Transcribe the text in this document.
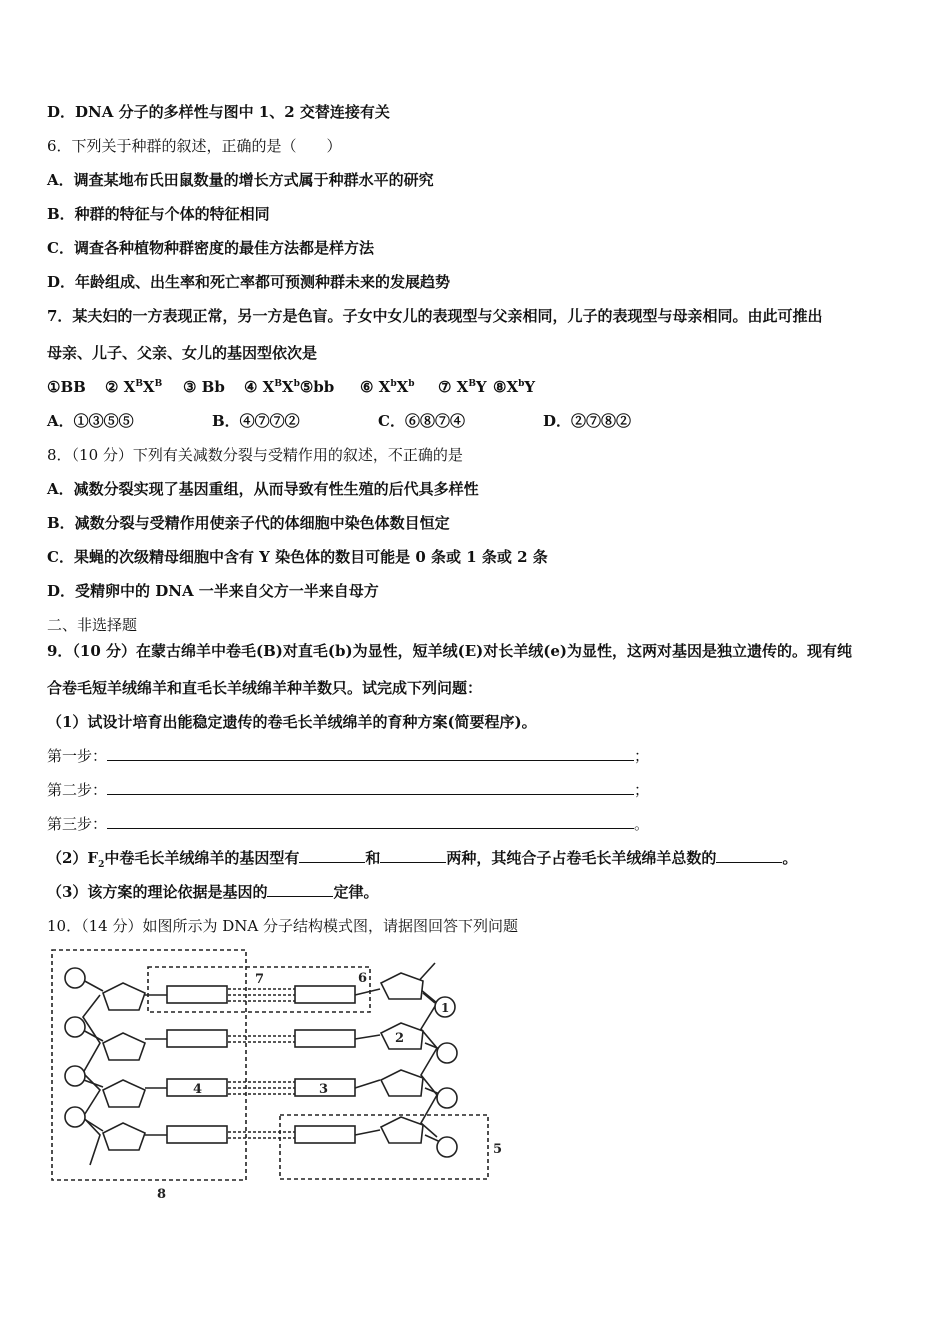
D．DNA 分子的多样性与图中 1、2 交替连接有关
6．下列关于种群的叙述，正确的是（　　）
A．调查某地布氏田鼠数量的增长方式属于种群水平的研究
B．种群的特征与个体的特征相同
C．调查各种植物种群密度的最佳方法都是样方法
D．年龄组成、出生率和死亡率都可预测种群未来的发展趋势
7．某夫妇的一方表现正常，另一方是色盲。子女中女儿的表现型与父亲相同，儿子的表现型与母亲相同。由此可推出
母亲、儿子、父亲、女儿的基因型依次是
①BB ② $X^BX^B$ ③ Bb ④ $X^BX^b⑤bb$ ⑥ $X^bX^b$ ⑦ $X^BY$ $⑧X^bY$
A．①③⑤⑤	B．④⑦⑦②	C．⑥⑧⑦④	D．②⑦⑧②
8．（10 分）下列有关减数分裂与受精作用的叙述，不正确的是
A．减数分裂实现了基因重组，从而导致有性生殖的后代具多样性
B．减数分裂与受精作用使亲子代的体细胞中染色体数目恒定
C．果蝇的次级精母细胞中含有 Y 染色体的数目可能是 0 条或 1 条或 2 条
D．受精卵中的 DNA 一半来自父方一半来自母方
二、非选择题
9．（10 分）在蒙古绵羊中卷毛(B)对直毛(b)为显性，短羊绒(E)对长羊绒(e)为显性，这两对基因是独立遗传的。现有纯
合卷毛短羊绒绵羊和直毛长羊绒绵羊种羊数只。试完成下列问题：
（1）试设计培育出能稳定遗传的卷毛长羊绒绵羊的育种方案(简要程序)。
第一步：	；
第二步：	；
第三步：	。
$(2)F_2$中卷毛长羊绒绵羊的基因型有	和	两种，其纯合子占卷毛长羊绒绵羊总数的	。
（3）该方案的理论依据是基因的	定律。
10．（14 分）如图所示为 DNA 分子结构模式图，请据图回答下列问题
7	6
1
2
4	3
5
8
